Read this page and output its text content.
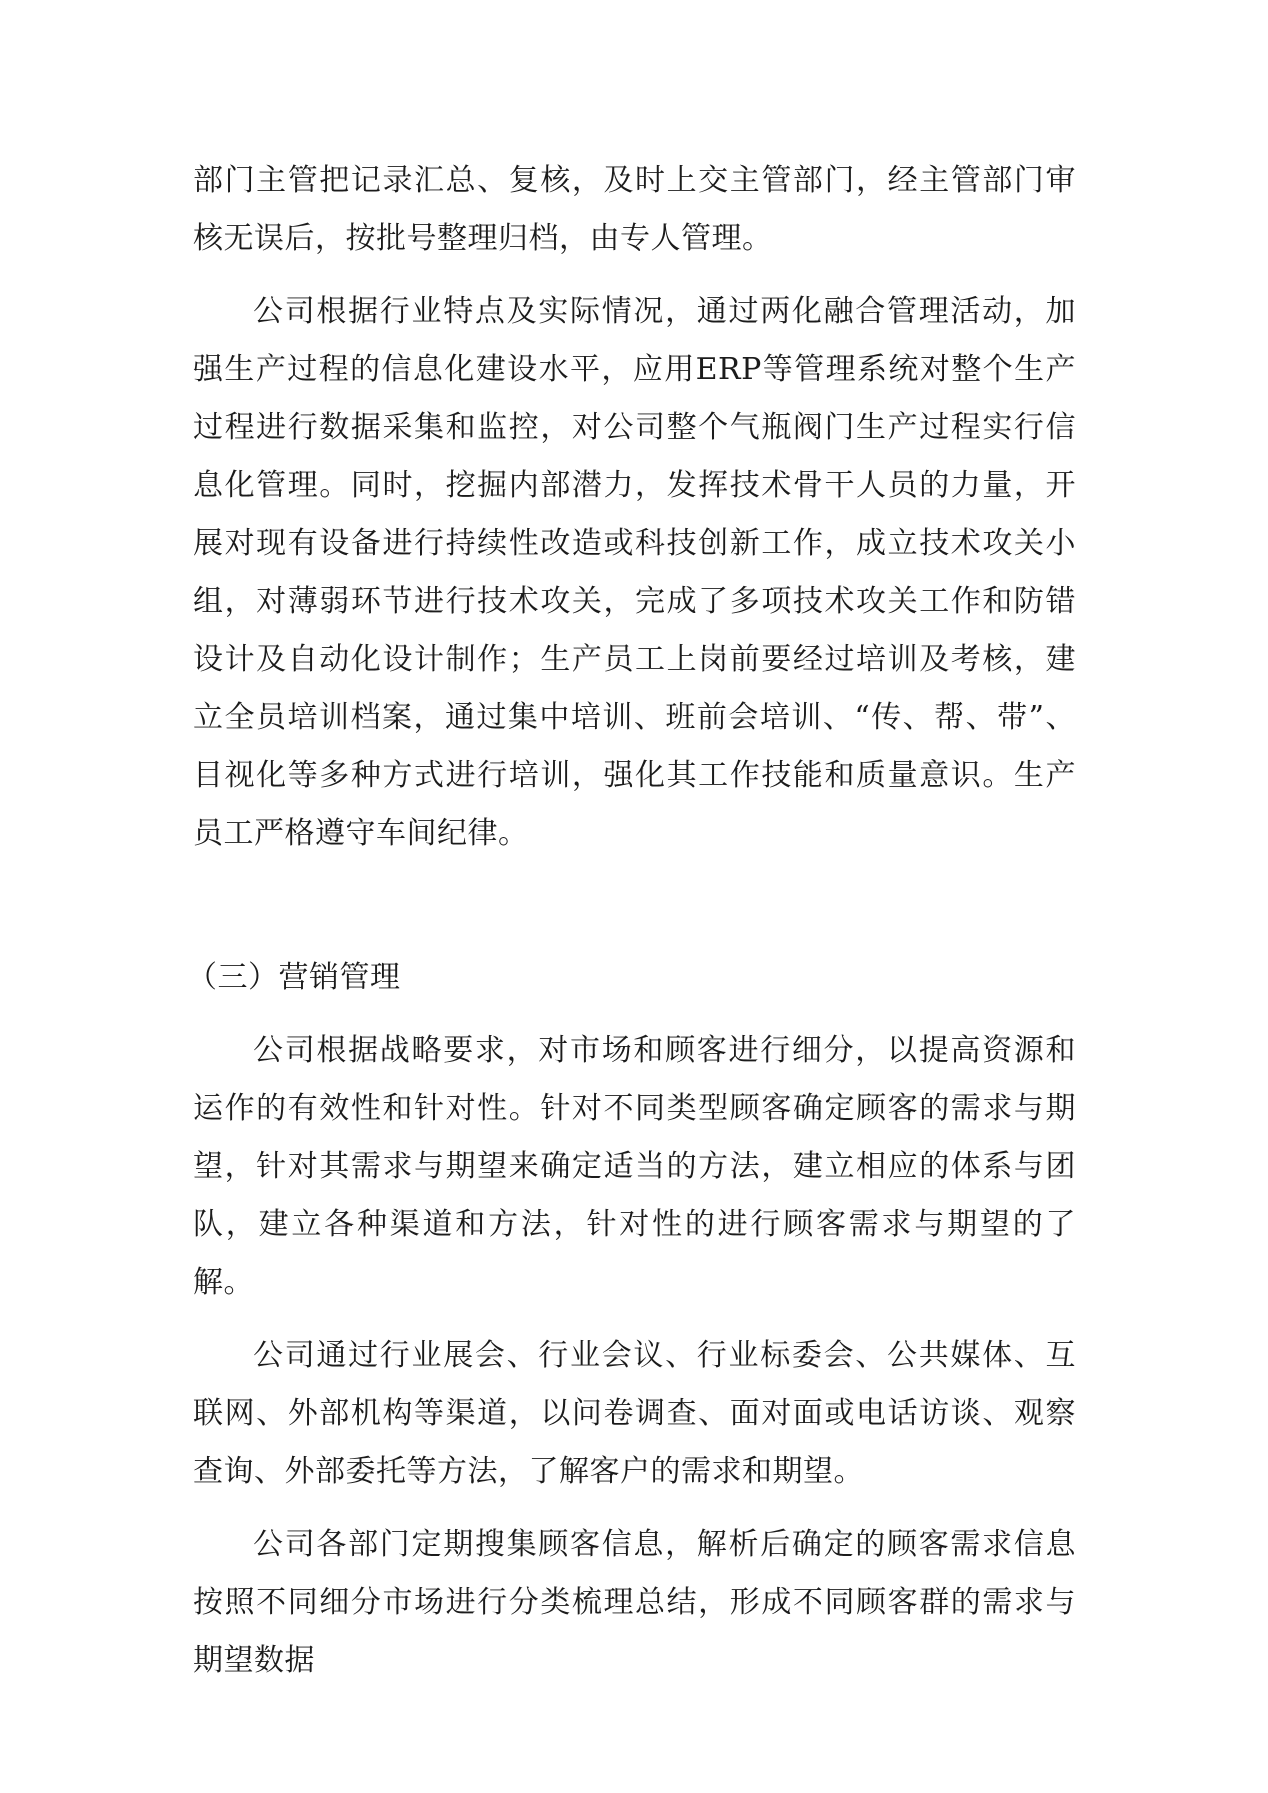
部门主管把记录汇总、复核，及时上交主管部门，经主管部门审核无误后，按批号整理归档，由专人管理。

公司根据行业特点及实际情况，通过两化融合管理活动，加强生产过程的信息化建设水平，应用ERP等管理系统对整个生产过程进行数据采集和监控，对公司整个气瓶阀门生产过程实行信息化管理。同时，挖掘内部潜力，发挥技术骨干人员的力量，开展对现有设备进行持续性改造或科技创新工作，成立技术攻关小组，对薄弱环节进行技术攻关，完成了多项技术攻关工作和防错设计及自动化设计制作；生产员工上岗前要经过培训及考核，建立全员培训档案，通过集中培训、班前会培训、“传、帮、带”、目视化等多种方式进行培训，强化其工作技能和质量意识。生产员工严格遵守车间纪律。

（三）营销管理

公司根据战略要求，对市场和顾客进行细分，以提高资源和运作的有效性和针对性。针对不同类型顾客确定顾客的需求与期望，针对其需求与期望来确定适当的方法，建立相应的体系与团队，建立各种渠道和方法，针对性的进行顾客需求与期望的了解。

公司通过行业展会、行业会议、行业标委会、公共媒体、互联网、外部机构等渠道，以问卷调查、面对面或电话访谈、观察查询、外部委托等方法，了解客户的需求和期望。

公司各部门定期搜集顾客信息，解析后确定的顾客需求信息按照不同细分市场进行分类梳理总结，形成不同顾客群的需求与期望数据
